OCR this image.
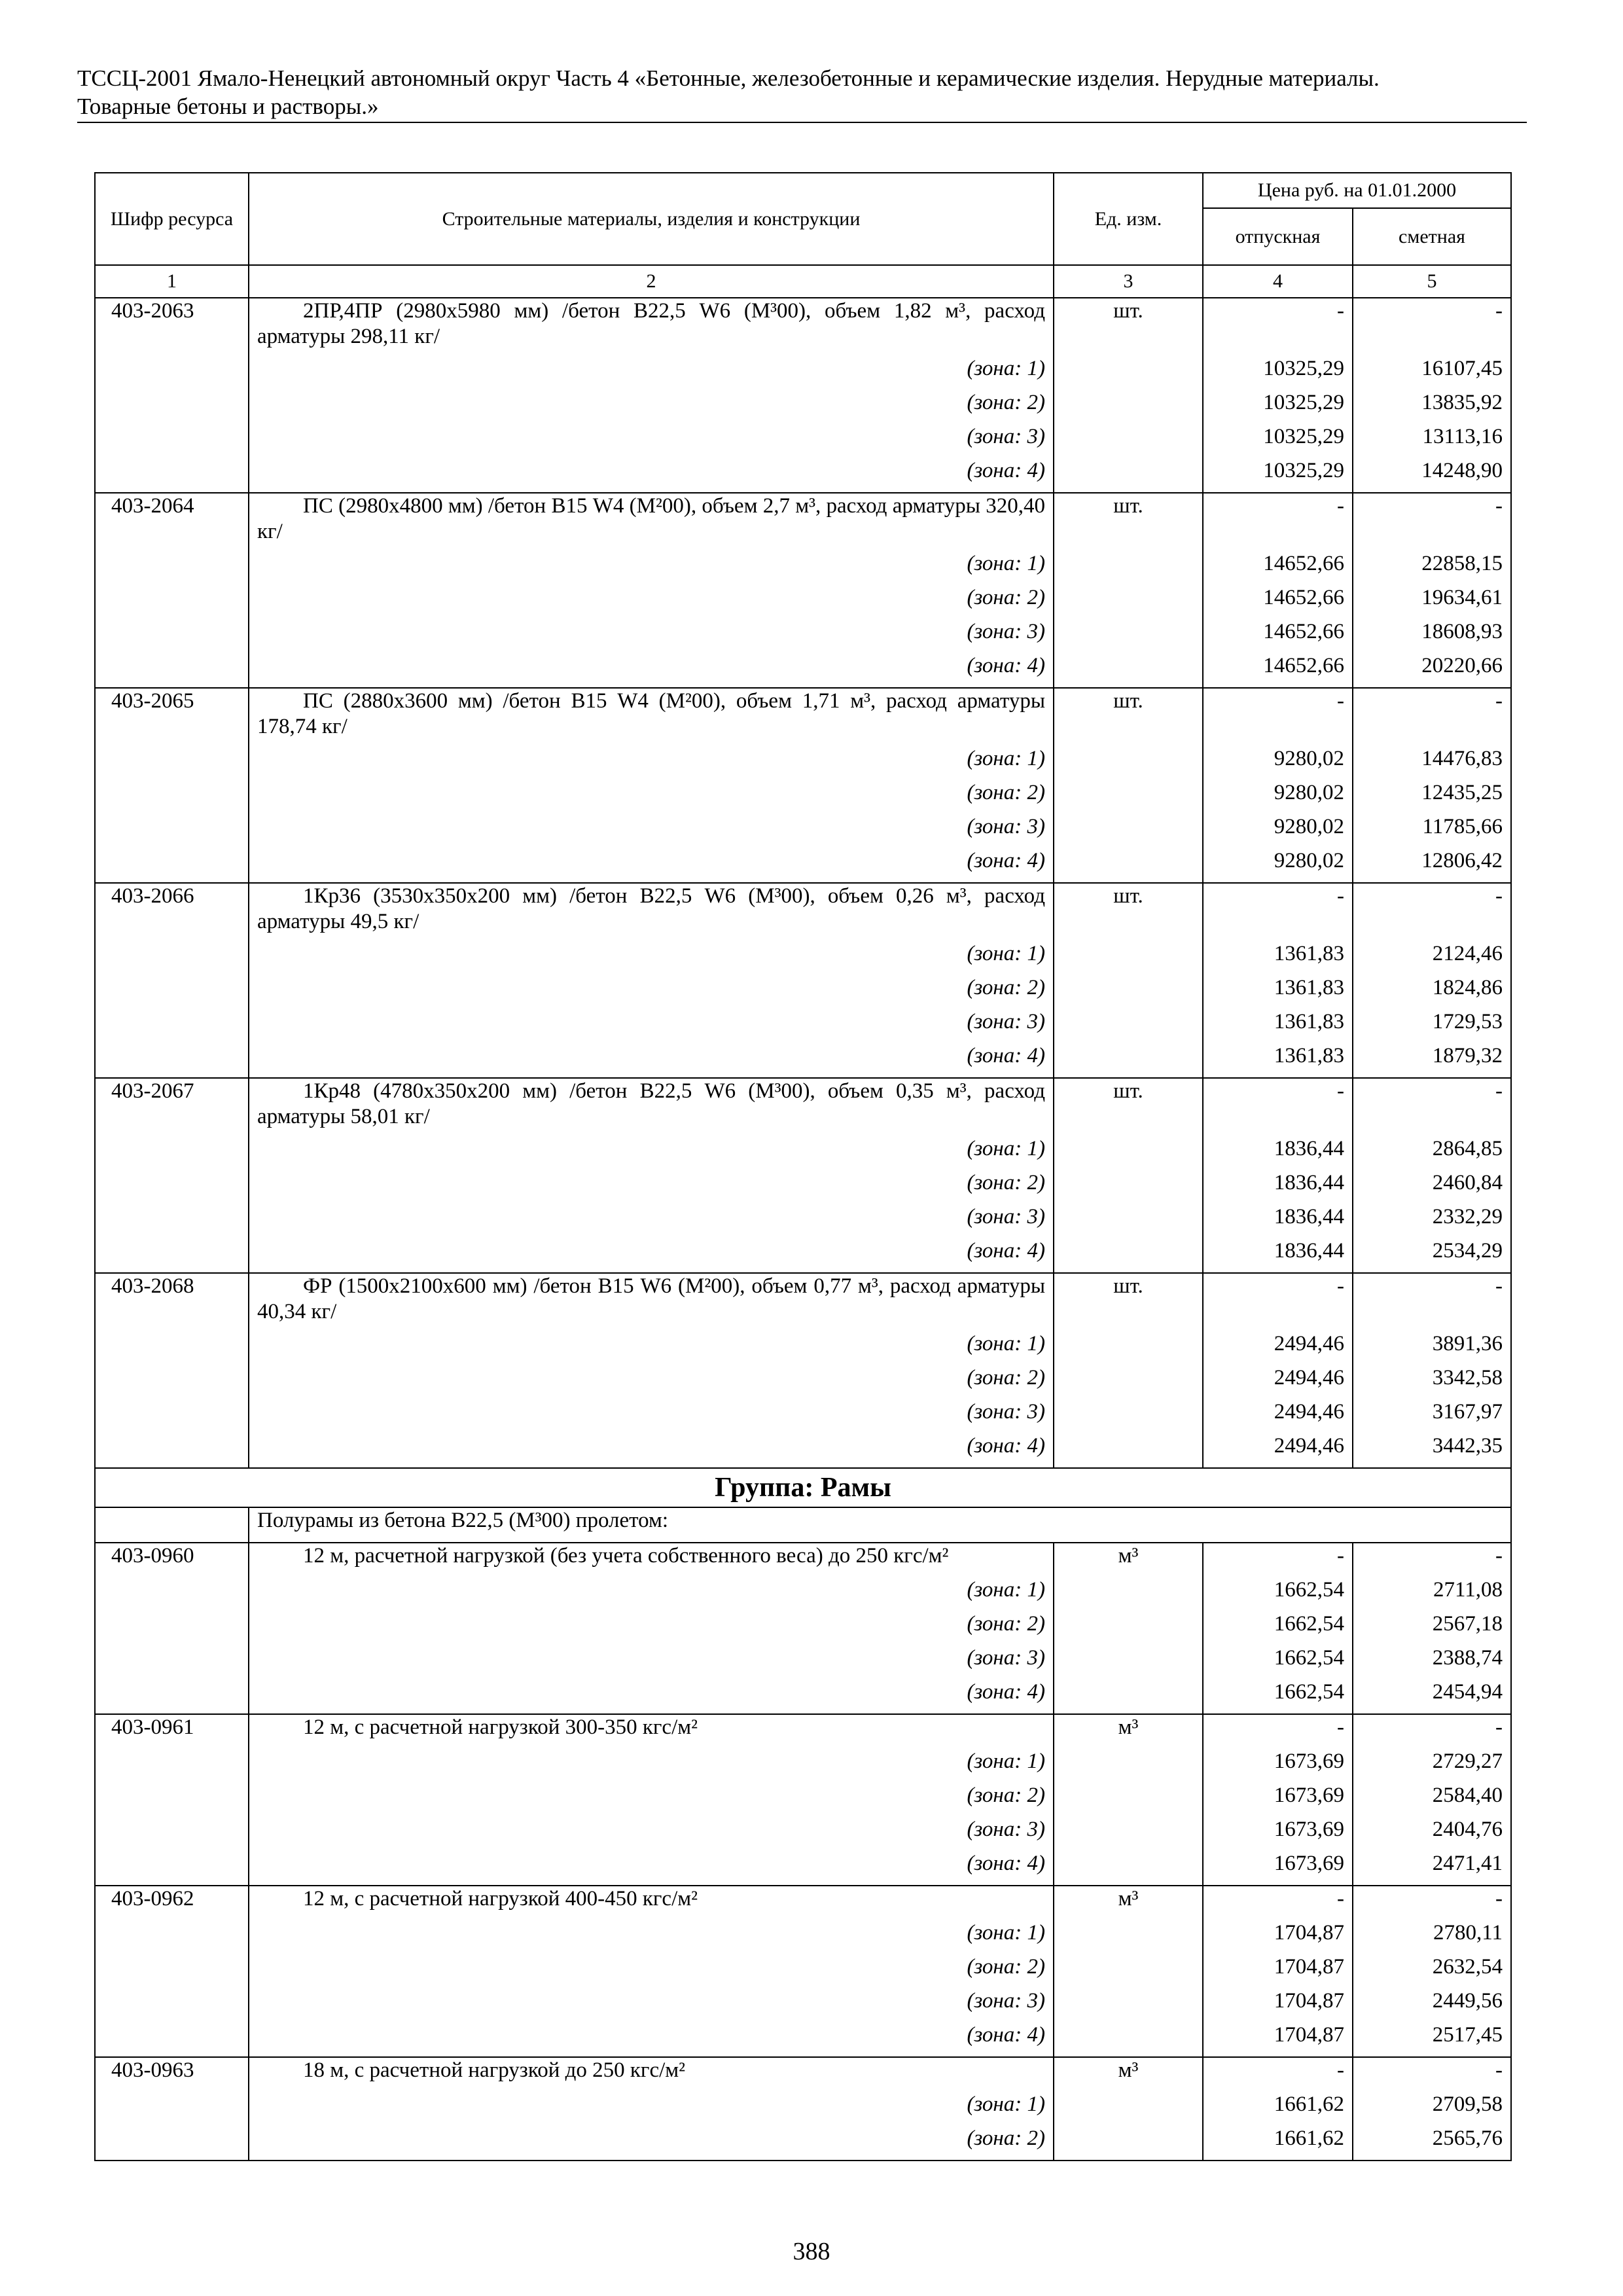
ТССЦ-2001 Ямало-Ненецкий автономный округ Часть 4 «Бетонные, железобетонные и керамические изделия. Нерудные материалы.
Товарные бетоны и растворы.»
Шифр ресурса	Строительные материалы, изделия и конструкции	Ед. изм.	Цена руб. на 01.01.2000	
			отпускная	сметная
1	2	3	4	5
403-2063	2ПР,4ПР (2980x5980 мм) /бетон В22,5 W6 (М³00), объем 1,82 м³, расход арматуры 298,11 кг/	шт.	-	-
	(зона: 1)		10325,29	16107,45
	(зона: 2)		10325,29	13835,92
	(зона: 3)		10325,29	13113,16
	(зона: 4)		10325,29	14248,90
403-2064	ПС (2980x4800 мм) /бетон В15 W4 (М²00), объем 2,7 м³, расход арматуры 320,40 кг/	шт.	-	-
	(зона: 1)		14652,66	22858,15
	(зона: 2)		14652,66	19634,61
	(зона: 3)		14652,66	18608,93
	(зона: 4)		14652,66	20220,66
403-2065	ПС (2880x3600 мм) /бетон В15 W4 (М²00), объем 1,71 м³, расход арматуры 178,74 кг/	шт.	-	-
	(зона: 1)		9280,02	14476,83
	(зона: 2)		9280,02	12435,25
	(зона: 3)		9280,02	11785,66
	(зона: 4)		9280,02	12806,42
403-2066	1Кр36 (3530x350x200 мм) /бетон В22,5 W6 (М³00), объем 0,26 м³, расход арматуры 49,5 кг/	шт.	-	-
	(зона: 1)		1361,83	2124,46
	(зона: 2)		1361,83	1824,86
	(зона: 3)		1361,83	1729,53
	(зона: 4)		1361,83	1879,32
403-2067	1Кр48 (4780x350x200 мм) /бетон В22,5 W6 (М³00), объем 0,35 м³, расход арматуры 58,01 кг/	шт.	-	-
	(зона: 1)		1836,44	2864,85
	(зона: 2)		1836,44	2460,84
	(зона: 3)		1836,44	2332,29
	(зона: 4)		1836,44	2534,29
403-2068	ФР (1500x2100x600 мм) /бетон В15 W6 (М²00), объем 0,77 м³, расход арматуры 40,34 кг/	шт.	-	-
	(зона: 1)		2494,46	3891,36
	(зона: 2)		2494,46	3342,58
	(зона: 3)		2494,46	3167,97
	(зона: 4)		2494,46	3442,35
Группа: Рамы				
	Полурамы из бетона В22,5 (М³00) пролетом:			
403-0960	12 м, расчетной нагрузкой (без учета собственного веса) до 250 кгс/м²	м³	-	-
	(зона: 1)		1662,54	2711,08
	(зона: 2)		1662,54	2567,18
	(зона: 3)		1662,54	2388,74
	(зона: 4)		1662,54	2454,94
403-0961	12 м, с расчетной нагрузкой 300-350 кгс/м²	м³	-	-
	(зона: 1)		1673,69	2729,27
	(зона: 2)		1673,69	2584,40
	(зона: 3)		1673,69	2404,76
	(зона: 4)		1673,69	2471,41
403-0962	12 м, с расчетной нагрузкой 400-450 кгс/м²	м³	-	-
	(зона: 1)		1704,87	2780,11
	(зона: 2)		1704,87	2632,54
	(зона: 3)		1704,87	2449,56
	(зона: 4)		1704,87	2517,45
403-0963	18 м, с расчетной нагрузкой до 250 кгс/м²	м³	-	-
	(зона: 1)		1661,62	2709,58
	(зона: 2)		1661,62	2565,76
388
